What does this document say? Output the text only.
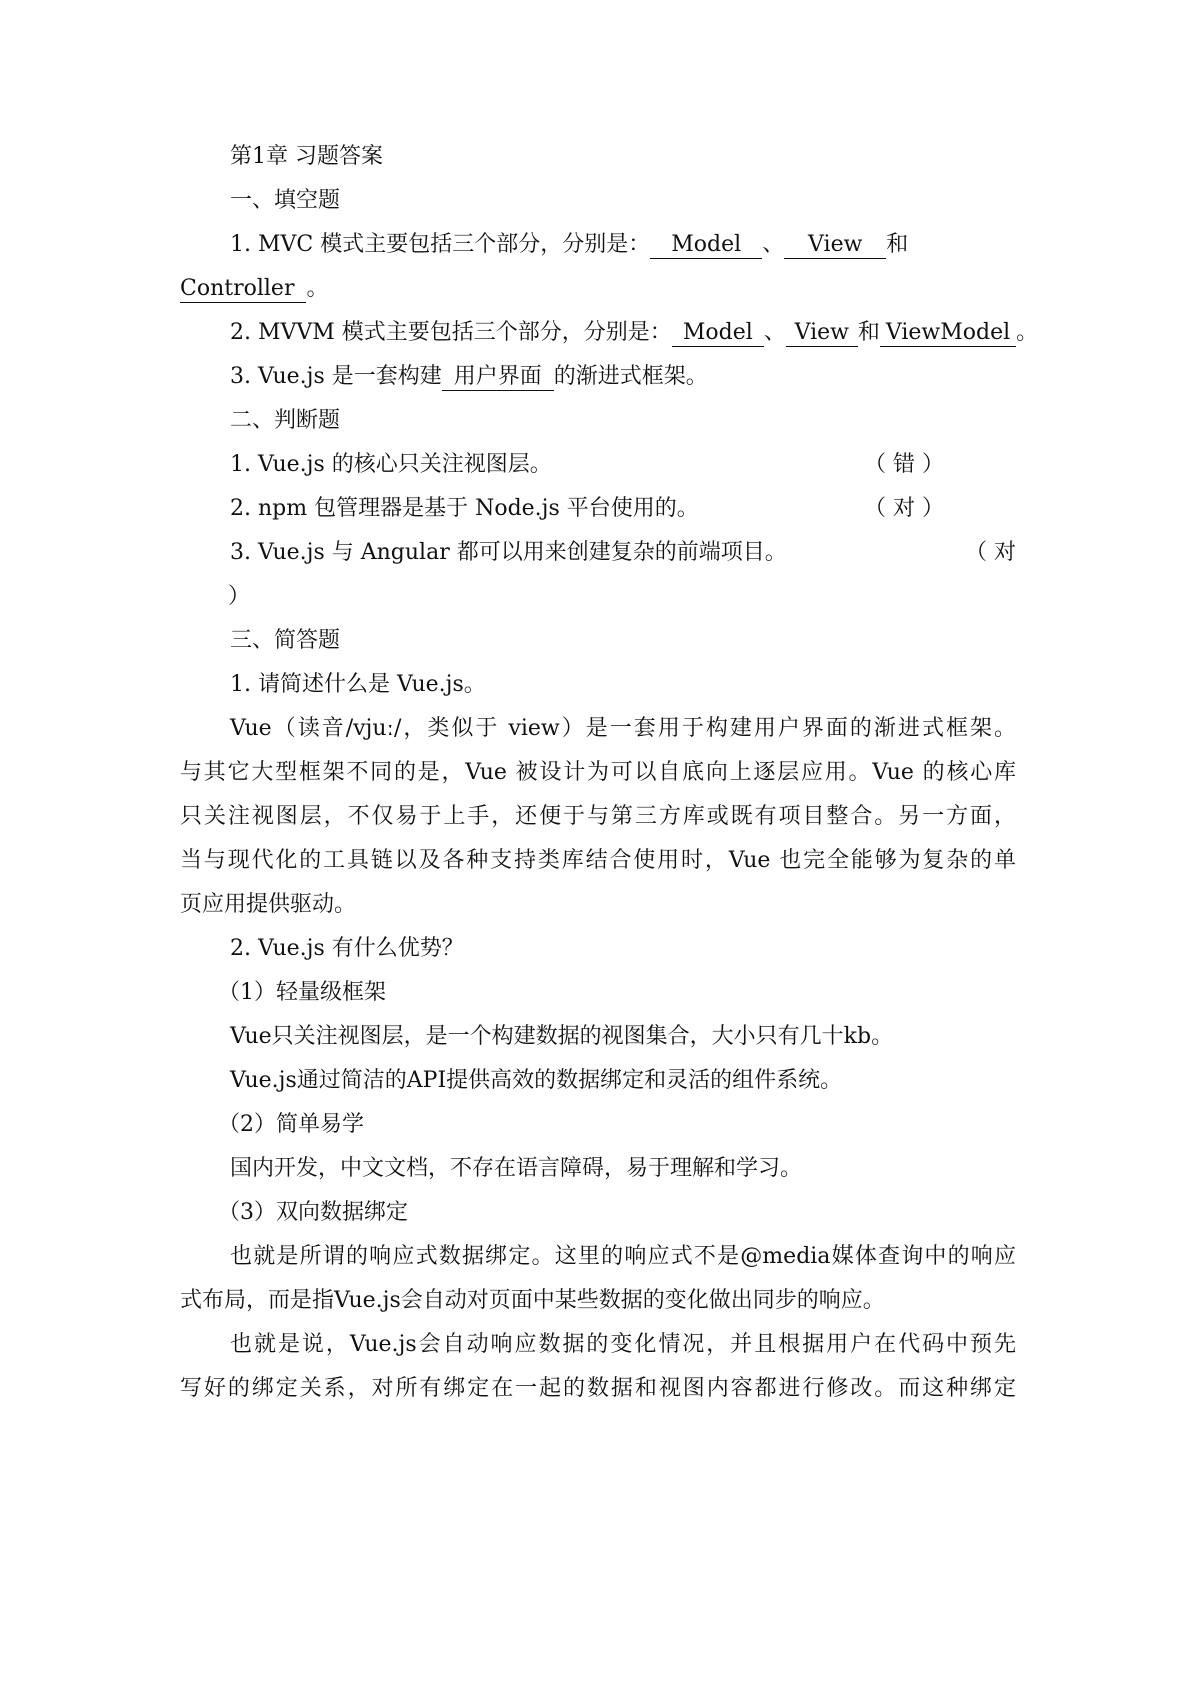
第1章 习题答案
一、填空题
1. MVC 模式主要包括三个部分，分别是： Model 、 View 和
Controller 。
2. MVVM 模式主要包括三个部分，分别是： Model 、 View 和 ViewModel 。
3. Vue.js 是一套构建 用户界面 的渐进式框架。
二、判断题
1. Vue.js 的核心只关注视图层。	（ 错 ）
2. npm 包管理器是基于 Node.js 平台使用的。	（ 对 ）
3. Vue.js 与 Angular 都可以用来创建复杂的前端项目。	（ 对
）
三、简答题
1. 请简述什么是 Vue.js。
Vue（读音/vjuː/，类似于 view）是一套用于构建用户界面的渐进式框架。
与其它大型框架不同的是，Vue 被设计为可以自底向上逐层应用。Vue 的核心库
只关注视图层，不仅易于上手，还便于与第三方库或既有项目整合。另一方面，
当与现代化的工具链以及各种支持类库结合使用时，Vue 也完全能够为复杂的单
页应用提供驱动。
2. Vue.js 有什么优势？
（1）轻量级框架
Vue只关注视图层，是一个构建数据的视图集合，大小只有几十kb。
Vue.js通过简洁的API提供高效的数据绑定和灵活的组件系统。
（2）简单易学
国内开发，中文文档，不存在语言障碍，易于理解和学习。
（3）双向数据绑定
也就是所谓的响应式数据绑定。这里的响应式不是@media媒体查询中的响应
式布局，而是指Vue.js会自动对页面中某些数据的变化做出同步的响应。
也就是说，Vue.js会自动响应数据的变化情况，并且根据用户在代码中预先
写好的绑定关系，对所有绑定在一起的数据和视图内容都进行修改。而这种绑定
